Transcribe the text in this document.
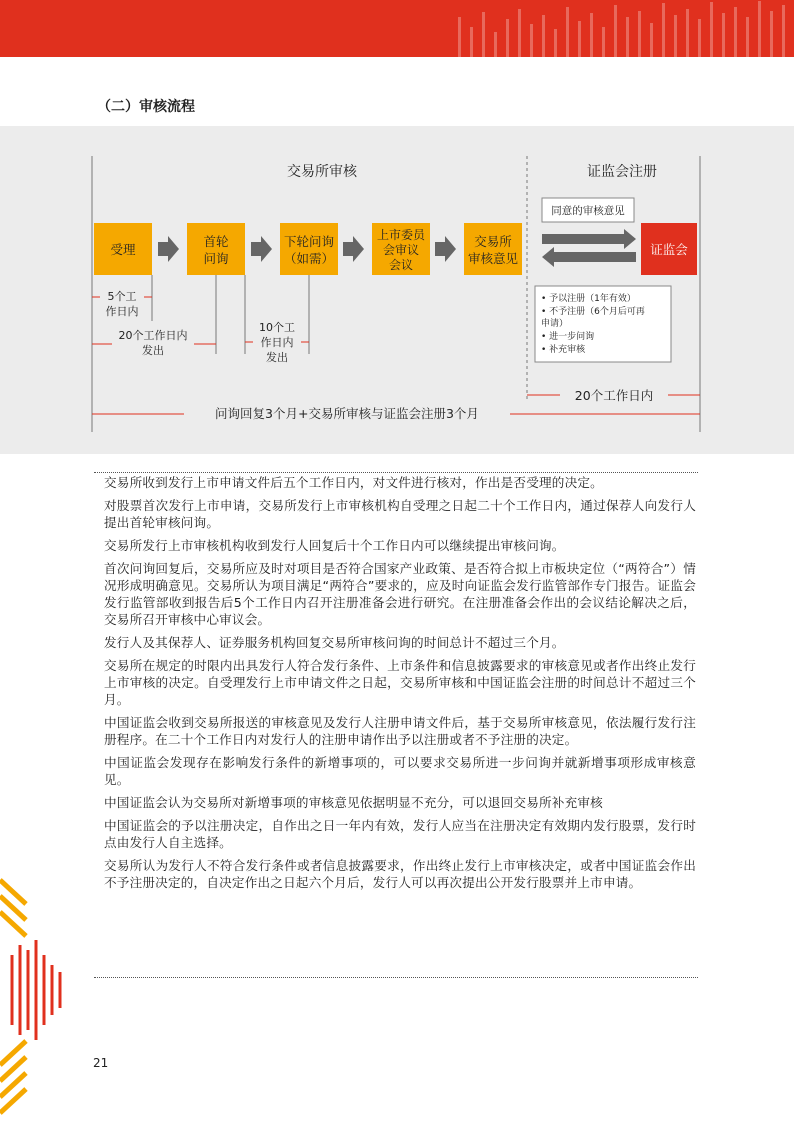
（二）审核流程
交易所审核	证监会注册
受理
首轮
问询
下轮问询
（如需）
上市委员
会审议
会议
交易所
审核意见
同意的审核意见
证监会
• 予以注册（1年有效）
• 不予注册（6个月后可再
申请）
• 进一步问询
• 补充审核
5个工
作日内
20个工作日内
发出
10个工
作日内
发出
20个工作日内
问询回复3个月+交易所审核与证监会注册3个月

交易所收到发行上市申请文件后五个工作日内，对文件进行核对，作出是否受理的决定。

对股票首次发行上市申请，交易所发行上市审核机构自受理之日起二十个工作日内，通过保荐人向发行人提出首轮审核问询。

交易所发行上市审核机构收到发行人回复后十个工作日内可以继续提出审核问询。

首次问询回复后，交易所应及时对项目是否符合国家产业政策、是否符合拟上市板块定位（“两符合”）情况形成明确意见。交易所认为项目满足“两符合”要求的，应及时向证监会发行监管部作专门报告。证监会发行监管部收到报告后5个工作日内召开注册准备会进行研究。在注册准备会作出的会议结论解决之后，交易所召开审核中心审议会。

发行人及其保荐人、证券服务机构回复交易所审核问询的时间总计不超过三个月。

交易所在规定的时限内出具发行人符合发行条件、上市条件和信息披露要求的审核意见或者作出终止发行上市审核的决定。自受理发行上市申请文件之日起，交易所审核和中国证监会注册的时间总计不超过三个月。

中国证监会收到交易所报送的审核意见及发行人注册申请文件后，基于交易所审核意见，依法履行发行注册程序。在二十个工作日内对发行人的注册申请作出予以注册或者不予注册的决定。

中国证监会发现存在影响发行条件的新增事项的，可以要求交易所进一步问询并就新增事项形成审核意见。

中国证监会认为交易所对新增事项的审核意见依据明显不充分，可以退回交易所补充审核

中国证监会的予以注册决定，自作出之日一年内有效，发行人应当在注册决定有效期内发行股票，发行时点由发行人自主选择。

交易所认为发行人不符合发行条件或者信息披露要求，作出终止发行上市审核决定，或者中国证监会作出不予注册决定的，自决定作出之日起六个月后，发行人可以再次提出公开发行股票并上市申请。

21
